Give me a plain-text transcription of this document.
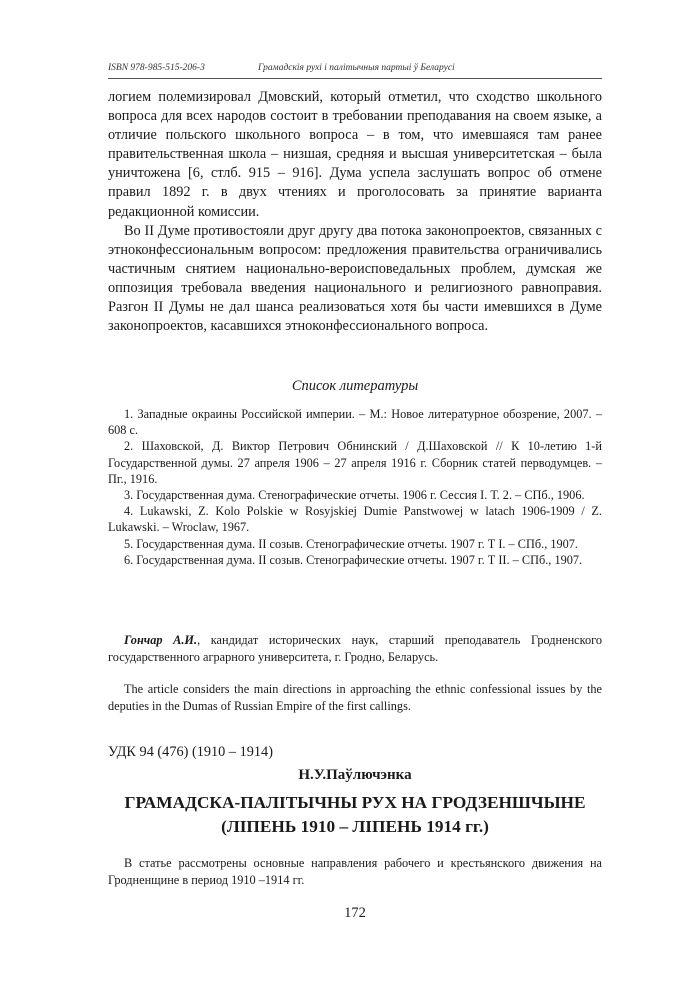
ISBN 978-985-515-206-3	Грамадскія рухі і палітычныя партыі ў Беларусі

логием полемизировал Дмовский, который отметил, что сходство школьного вопроса для всех народов состоит в требовании преподавания на своем языке, а отличие польского школьного вопроса – в том, что имевшаяся там ранее правительственная школа – низшая, средняя и высшая университетская – была уничтожена [6, стлб. 915 – 916]. Дума успела заслушать вопрос об отмене правил 1892 г. в двух чтениях и проголосовать за принятие варианта редакционной комиссии.

Во II Думе противостояли друг другу два потока законопроектов, связанных с этноконфессиональным вопросом: предложения правительства ограничивались частичным снятием национально-вероисповедальных проблем, думская же оппозиция требовала введения национального и религиозного равноправия. Разгон II Думы не дал шанса реализоваться хотя бы части имевшихся в Думе законопроектов, касавшихся этноконфессионального вопроса.

Список литературы

1. Западные окраины Российской империи. – М.: Новое литературное обозрение, 2007. – 608 с.

2. Шаховской, Д. Виктор Петрович Обнинский / Д.Шаховской // К 10-летию 1-й Государственной думы. 27 апреля 1906 – 27 апреля 1916 г. Сборник статей перводумцев. – Пг., 1916.

3. Государственная дума. Стенографические отчеты. 1906 г. Сессия I. Т. 2. – СПб., 1906.

4. Lukawski, Z. Kolo Polskie w Rosyjskiej Dumie Panstwowej w latach 1906-1909 / Z. Lukawski. – Wroclaw, 1967.

5. Государственная дума. II созыв. Стенографические отчеты. 1907 г. Т I. – СПб., 1907.

6. Государственная дума. II созыв. Стенографические отчеты. 1907 г. Т II. – СПб., 1907.

Гончар А.И., кандидат исторических наук, старший преподаватель Гродненского государственного аграрного университета, г. Гродно, Беларусь.

The article considers the main directions in approaching the ethnic confessional issues by the deputies in the Dumas of Russian Empire of the first callings.

УДК 94 (476) (1910 – 1914)
Н.У.Паўлючэнка
ГРАМАДСКА-ПАЛІТЫЧНЫ РУХ НА ГРОДЗЕНШЧЫНЕ (ЛІПЕНЬ 1910 – ЛІПЕНЬ 1914 гг.)

В статье рассмотрены основные направления рабочего и крестьянского движения на Гродненщине в период 1910 –1914 гг.

172
